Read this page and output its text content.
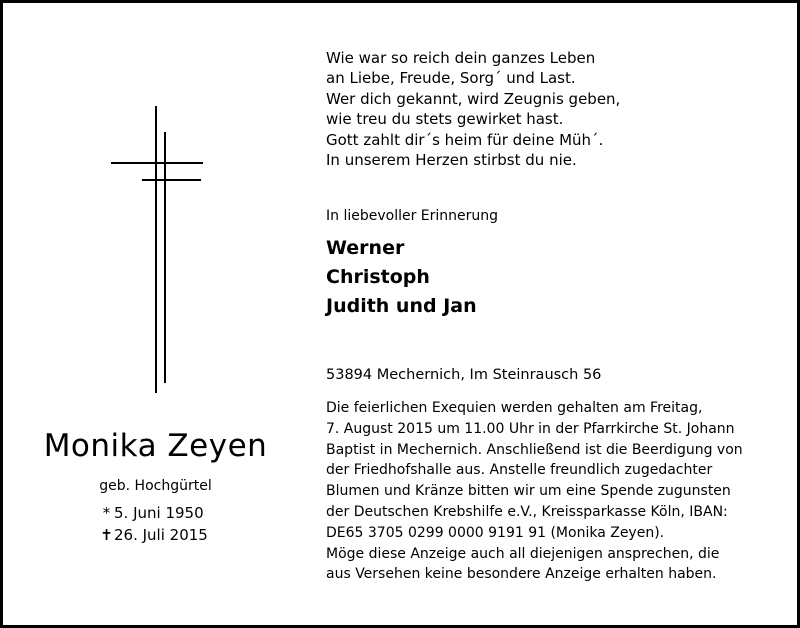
Monika Zeyen
geb. Hochgürtel
* 5. Juni 1950
✝26. Juli 2015
Wie war so reich dein ganzes Leben
an Liebe, Freude, Sorg´ und Last.
Wer dich gekannt, wird Zeugnis geben,
wie treu du stets gewirket hast.
Gott zahlt dir´s heim für deine Müh´.
In unserem Herzen stirbst du nie.
In liebevoller Erinnerung
Werner
Christoph
Judith und Jan
53894 Mechernich, Im Steinrausch 56
Die feierlichen Exequien werden gehalten am Freitag,
7. August 2015 um 11.00 Uhr in der Pfarrkirche St. Johann
Baptist in Mechernich. Anschließend ist die Beerdigung von
der Friedhofshalle aus. Anstelle freundlich zugedachter
Blumen und Kränze bitten wir um eine Spende zugunsten
der Deutschen Krebshilfe e.V., Kreissparkasse Köln, IBAN:
DE65 3705 0299 0000 9191 91 (Monika Zeyen).
Möge diese Anzeige auch all diejenigen ansprechen, die
aus Versehen keine besondere Anzeige erhalten haben.
